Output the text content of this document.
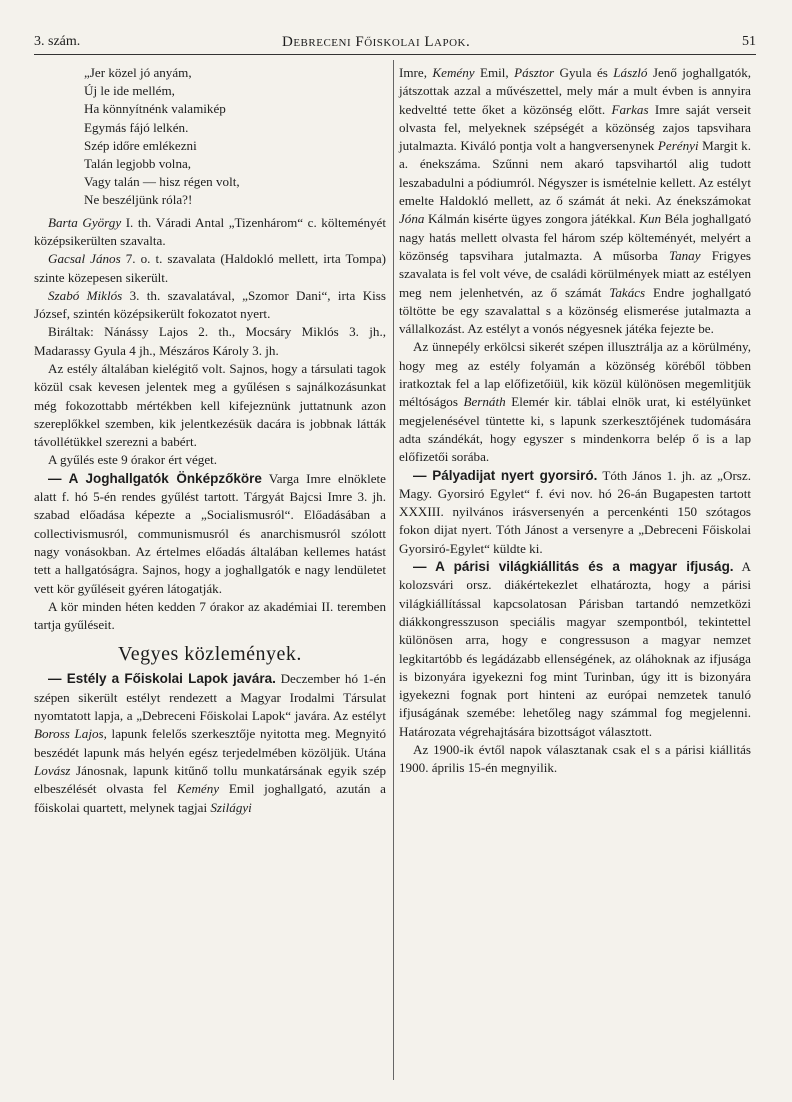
3. szám.	Debreceni Főiskolai Lapok.	51
„Jer közel jó anyám,
Új le ide mellém,
Ha könnyítnénk valamikép
Egymás fájó lelkén.
Szép időre emlékezni
Talán legjobb volna,
Vagy talán — hisz régen volt,
Ne beszéljünk róla?!

Barta György I. th. Váradi Antal „Tizenhárom“ c. költeményét középsikerülten szavalta.

Gacsal János 7. o. t. szavalata (Haldokló mellett, irta Tompa) szinte közepesen sikerült.

Szabó Miklós 3. th. szavalatával, „Szomor Dani“, irta Kiss József, szintén középsikerült fokozatot nyert.

Biráltak: Nánássy Lajos 2. th., Mocsáry Miklós 3. jh., Madarassy Gyula 4 jh., Mészáros Károly 3. jh.

Az estély általában kielégitő volt. Sajnos, hogy a társulati tagok közül csak kevesen jelentek meg a gyűlésen s sajnálkozásunkat még fokozottabb mértékben kell kifejeznünk juttatnunk azon szereplőkkel szemben, kik jelentkezésük dacára is jobbnak látták távollétükkel szerezni a babért.

A gyűlés este 9 órakor ért véget.

— A Joghallgatók Önképzőköre Varga Imre elnöklete alatt f. hó 5-én rendes gyűlést tartott. Tárgyát Bajcsi Imre 3. jh. szabad előadása képezte a „Socialismusról“. Előadásában a collectivismusról, communismusról és anarchismusról szólott nagy vonásokban. Az értelmes előadás általában kellemes hatást tett a hallgatóságra. Sajnos, hogy a joghallgatók e nagy lendületet vett kör gyűléseit gyéren látogatják.

A kör minden héten kedden 7 órakor az akadémiai II. teremben tartja gyűléseit.

Vegyes közlemények.

— Estély a Főiskolai Lapok javára. Deczember hó 1-én szépen sikerült estélyt rendezett a Magyar Irodalmi Társulat nyomtatott lapja, a „Debreceni Főiskolai Lapok“ javára. Az estélyt Boross Lajos, lapunk felelős szerkesztője nyitotta meg. Megnyitó beszédét lapunk más helyén egész terjedelmében közöljük. Utána Lovász Jánosnak, lapunk kitűnő tollu munkatársának egyik szép elbeszélését olvasta fel Kemény Emil joghallgató, azután a főiskolai quartett, melynek tagjai Szilágyi

Imre, Kemény Emil, Pásztor Gyula és László Jenő joghallgatók, játszottak azzal a művészettel, mely már a mult évben is annyira kedveltté tette őket a közönség előtt. Farkas Imre saját verseit olvasta fel, melyeknek szépségét a közönség zajos tapsvihara jutalmazta. Kiváló pontja volt a hangversenynek Perényi Margit k. a. énekszáma. Szűnni nem akaró tapsvihartól alig tudott leszabadulni a pódiumról. Négyszer is ismételnie kellett. Az estélyt emelte Haldokló mellett, az ő számát át neki. Az énekszámokat Jóna Kálmán kisérte ügyes zongora játékkal. Kun Béla joghallgató nagy hatás mellett olvasta fel három szép költeményét, melyért a közönség tapsvihara jutalmazta. A műsorba Tanay Frigyes szavalata is fel volt véve, de családi körülmények miatt az estélyen meg nem jelenhetvén, az ő számát Takács Endre joghallgató töltötte be egy szavalattal s a közönség elismerése jutalmazta a vállalkozást. Az estélyt a vonós négyesnek játéka fejezte be.

Az ünnepély erkölcsi sikerét szépen illusztrálja az a körülmény, hogy meg az estély folyamán a közönség köréből többen iratkoztak fel a lap előfizetőiül, kik közül különösen megemlitjük méltóságos Bernáth Elemér kir. táblai elnök urat, ki estélyünket megjelenésével tüntette ki, s lapunk szerkesztőjének tudomására adta szándékát, hogy egyszer s mindenkorra belép ő is a lap előfizetői sorába.

— Pályadijat nyert gyorsiró. Tóth János 1. jh. az „Orsz. Magy. Gyorsiró Egylet“ f. évi nov. hó 26-án Bugapesten tartott XXXIII. nyilvános irásversenyén a percenkénti 150 szótagos fokon dijat nyert. Tóth Jánost a versenyre a „Debreceni Főiskolai Gyorsiró-Egylet“ küldte ki.

— A párisi világkiállitás és a magyar ifjuság. A kolozsvári orsz. diákértekezlet elhatározta, hogy a párisi világkiállítással kapcsolatosan Párisban tartandó nemzetközi diákkongresszuson speciális magyar szempontból, tekintettel különösen arra, hogy e congressuson a magyar nemzet legkitartóbb és legádázabb ellenségének, az oláhoknak az ifjusága is bizonyára igyekezni fog mint Turinban, úgy itt is bizonyára igyekezni fognak port hinteni az európai nemzetek tanuló ifjuságának szemébe: lehetőleg nagy számmal fog megjelenni. Határozata végrehajtására bizottságot választott.

Az 1900-ik évtől napok választanak csak el s a párisi kiállitás 1900. április 15-én megnyilik.
